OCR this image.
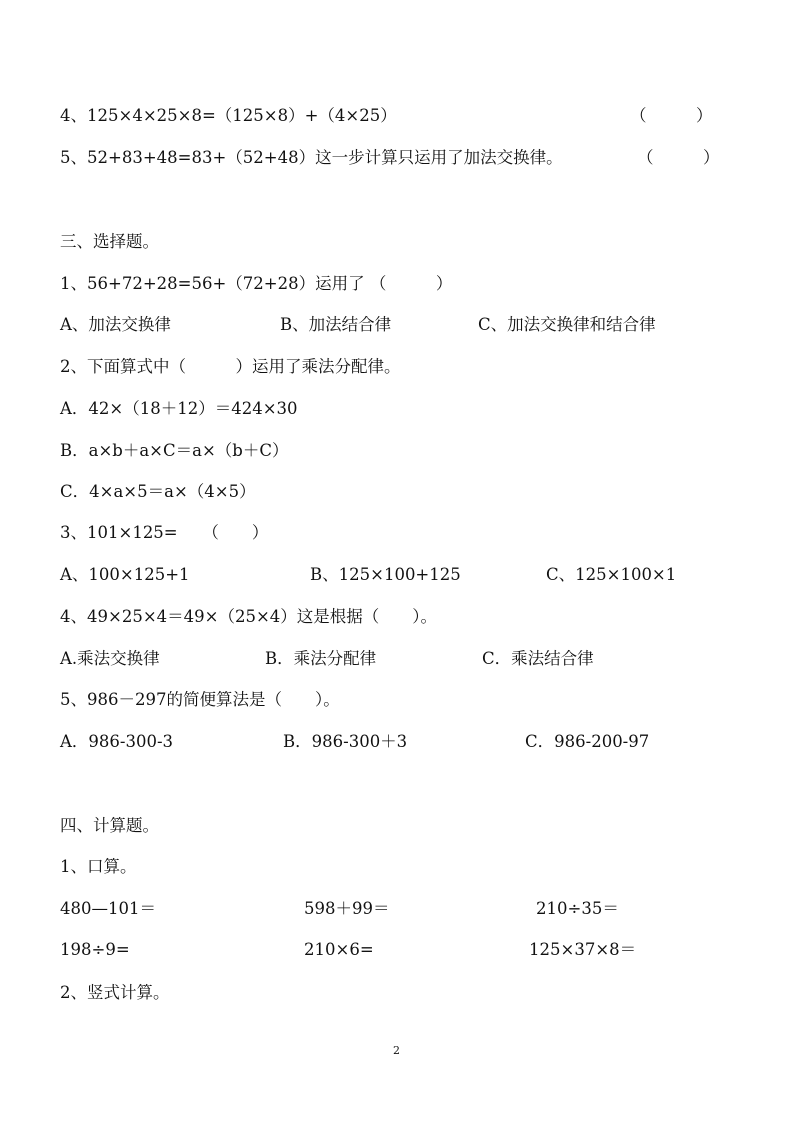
4、125×4×25×8=（125×8）+（4×25）	（　　　）
5、52+83+48=83+（52+48）这一步计算只运用了加法交换律。	（　　　）
三、选择题。
1、56+72+28=56+（72+28）运用了 （　　　）
A、加法交换律	B、加法结合律	C、加法交换律和结合律
2、下面算式中（　　　）运用了乘法分配律。
A．42×（18＋12）＝424×30
B．a×b＋a×C＝a×（b＋C）
C．4×a×5＝a×（4×5）
3、101×125=　　（　　）
A、100×125+1	B、125×100+125	C、125×100×1
4、49×25×4＝49×（25×4）这是根据（　　）。
A.乘法交换律	B．乘法分配律	C．乘法结合律
5、986－297的简便算法是（　　）。
A．986-300-3	B．986-300＋3	C．986-200-97
四、计算题。
1、口算。
480—101＝	598＋99＝	210÷35＝
198÷9=	210×6=	125×37×8＝
2、竖式计算。
2
